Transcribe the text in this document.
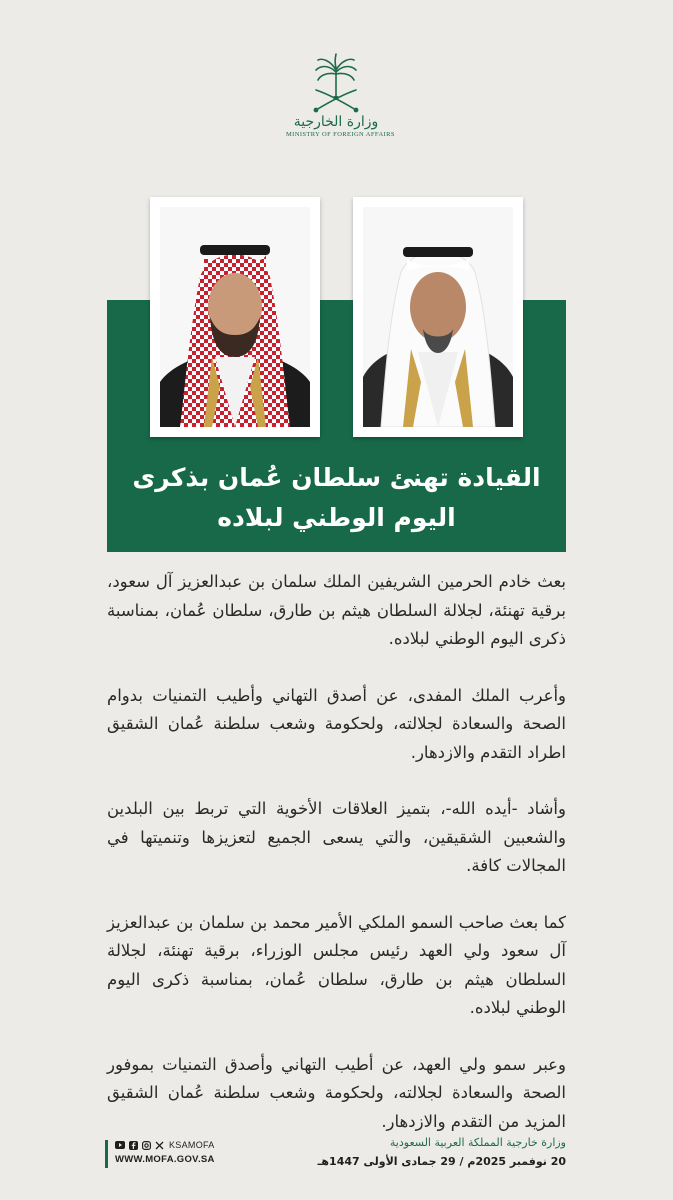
وزارة الخارجية
MINISTRY OF FOREIGN AFFAIRS
القيادة تهنئ سلطان عُمان بذكرى اليوم الوطني لبلاده

بعث خادم الحرمين الشريفين الملك سلمان بن عبدالعزيز آل سعود، برقية تهنئة، لجلالة السلطان هيثم بن طارق، سلطان عُمان، بمناسبة ذكرى اليوم الوطني لبلاده.

وأعرب الملك المفدى، عن أصدق التهاني وأطيب التمنيات بدوام الصحة والسعادة لجلالته، ولحكومة وشعب سلطنة عُمان الشقيق اطراد التقدم والازدهار.

وأشاد -أيده الله-، بتميز العلاقات الأخوية التي تربط بين البلدين والشعبين الشقيقين، والتي يسعى الجميع لتعزيزها وتنميتها في المجالات كافة.

كما بعث صاحب السمو الملكي الأمير محمد بن سلمان بن عبدالعزيز آل سعود ولي العهد رئيس مجلس الوزراء، برقية تهنئة، لجلالة السلطان هيثم بن طارق، سلطان عُمان، بمناسبة ذكرى اليوم الوطني لبلاده.

وعبر سمو ولي العهد، عن أطيب التهاني وأصدق التمنيات بموفور الصحة والسعادة لجلالته، ولحكومة وشعب سلطنة عُمان الشقيق المزيد من التقدم والازدهار.

KSAMOFA
WWW.MOFA.GOV.SA
وزارة خارجية المملكة العربية السعودية
20 نوفمبر 2025م / 29 جمادى الأولى 1447هـ
